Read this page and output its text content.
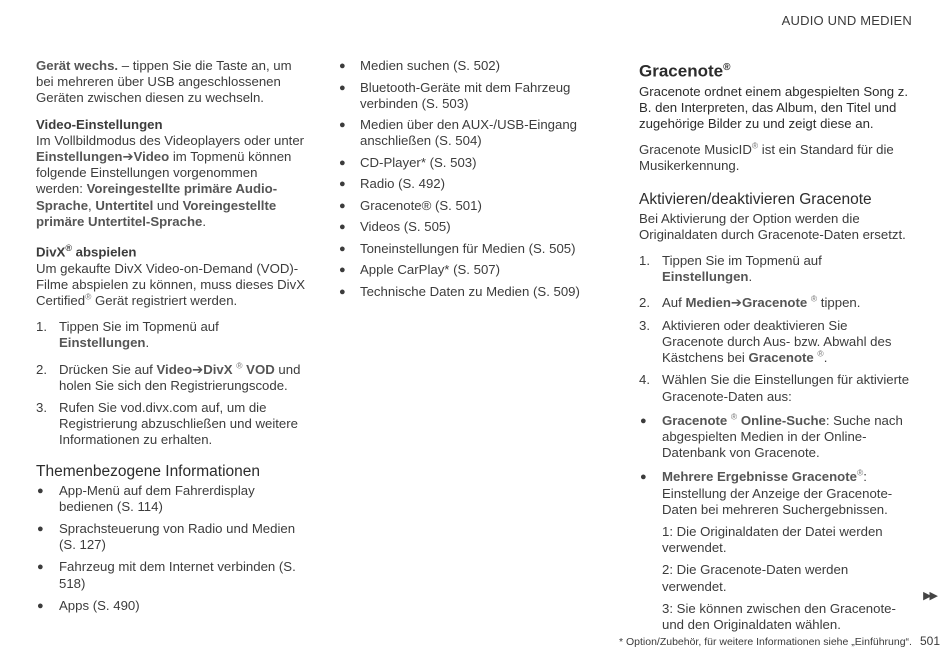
AUDIO UND MEDIEN

Gerät wechs. – tippen Sie die Taste an, um bei mehreren über USB angeschlossenen Geräten zwischen diesen zu wechseln.

Video-Einstellungen

Im Vollbildmodus des Videoplayers oder unter
Einstellungen➔Video im Topmenü können folgende Einstellungen vorgenommen werden: Voreingestellte primäre Audio-Sprache, Untertitel und Voreingestellte primäre Untertitel-Sprache.

DivX® abspielen

Um gekaufte DivX Video-on-Demand (VOD)-Filme abspielen zu können, muss dieses DivX Certified® Gerät registriert werden.

1. Tippen Sie im Topmenü auf Einstellungen.
2. Drücken Sie auf Video➔DivX ® VOD und holen Sie sich den Registrierungscode.
3. Rufen Sie vod.divx.com auf, um die Registrierung abzuschließen und weitere Informationen zu erhalten.

Themenbezogene Informationen

● App-Menü auf dem Fahrerdisplay bedienen (S. 114)
● Sprachsteuerung von Radio und Medien (S. 127)
● Fahrzeug mit dem Internet verbinden (S. 518)
● Apps (S. 490)
● Medien suchen (S. 502)
● Bluetooth-Geräte mit dem Fahrzeug verbinden (S. 503)
● Medien über den AUX-/USB-Eingang anschließen (S. 504)
● CD-Player* (S. 503)
● Radio (S. 492)
● Gracenote® (S. 501)
● Videos (S. 505)
● Toneinstellungen für Medien (S. 505)
● Apple CarPlay* (S. 507)
● Technische Daten zu Medien (S. 509)

Gracenote®

Gracenote ordnet einem abgespielten Song z. B. den Interpreten, das Album, den Titel und zugehörige Bilder zu und zeigt diese an.

Gracenote MusicID® ist ein Standard für die Musikerkennung.

Aktivieren/deaktivieren Gracenote

Bei Aktivierung der Option werden die Originaldaten durch Gracenote-Daten ersetzt.

1. Tippen Sie im Topmenü auf Einstellungen.
2. Auf Medien➔Gracenote ® tippen.
3. Aktivieren oder deaktivieren Sie Gracenote durch Aus- bzw. Abwahl des Kästchens bei Gracenote ®.
4. Wählen Sie die Einstellungen für aktivierte Gracenote-Daten aus:
● Gracenote ® Online-Suche: Suche nach abgespielten Medien in der Online-Datenbank von Gracenote.
● Mehrere Ergebnisse Gracenote®: Einstellung der Anzeige der Gracenote-Daten bei mehreren Suchergebnissen.

1: Die Originaldaten der Datei werden verwendet.

2: Die Gracenote-Daten werden verwendet.

3: Sie können zwischen den Gracenote- und den Originaldaten wählen.

▶▶
* Option/Zubehör, für weitere Informationen siehe „Einführung“. 501
